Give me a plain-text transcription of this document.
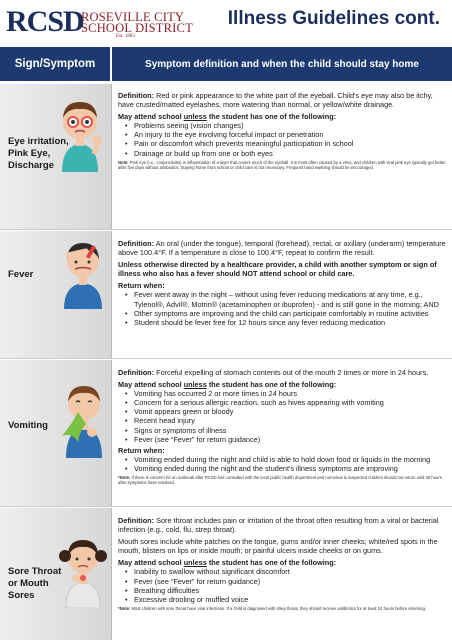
RCSD
ROSEVILLE CITY
SCHOOL DISTRICT
Est. 1883
Illness Guidelines cont.
Sign/Symptom	Symptom definition and when the child should stay home
Eye irritation, Pink Eye, Discharge

Definition: Red or pink appearance to the white part of the eyeball. Child's eye may also be itchy, have crusted/matted eyelashes, more watering than normal, or yellow/white drainage.

May attend school unless the student has one of the following:

• Problems seeing (vision changes)
• An injury to the eye involving forceful impact or penetration
• Pain or discomfort which prevents meaningful participation in school
• Drainage or build up from one or both eyes

Note: Pink eye (i.e., conjunctivitis) is inflammation of a layer that covers much of the eyeball. It is most often caused by a virus, and children with viral pink eye typically get better after five days without antibiotics. Staying home from school or child care is not necessary. Frequent hand washing should be encouraged.

Fever

Definition: An oral (under the tongue), temporal (forehead), rectal, or axillary (underarm) temperature above 100.4°F. If a temperature is close to 100.4°F, repeat to confirm the result.

Unless otherwise directed by a healthcare provider, a child with another symptom or sign of illness who also has a fever should NOT attend school or child care.

Return when:

• Fever went away in the night – without using fever reducing medications at any time, e.g., Tylenol®, Advil®, Motrin® (acetaminophen or ibuprofen) - and is still gone in the morning; AND
• Other symptoms are improving and the child can participate comfortably in routine activities
• Student should be fever free for 12 hours since any fever reducing medication
Vomiting

Definition: Forceful expelling of stomach contents out of the mouth 2 times or more in 24 hours.

May attend school unless the student has one of the following:

• Vomiting has occurred 2 or more times in 24 hours
• Concern for a serious allergic reaction, such as hives appearing with vomiting
• Vomit appears green or bloody
• Recent head injury
• Signs or symptoms of illness
• Fever (see “Fever” for return guidance)

Return when:

• Vomiting ended during the night and child is able to hold down food or liquids in the morning
• Vomiting ended during the night and the student's illness symptoms are improving

*Note: If there is concern for an outbreak after RCSD has consulted with the local public health department and norovirus is suspected children should not return until 48 hours after symptoms have resolved.

Sore Throat or Mouth Sores

Definition: Sore throat includes pain or irritation of the throat often resulting from a viral or bacterial infection (e.g., cold, flu, strep throat).

Mouth sores include white patches on the tongue, gums and/or inner cheeks; white/red spots in the mouth, blisters on lips or inside mouth; or painful ulcers inside cheeks or on gums.

May attend school unless the student has one of the following:

• Inability to swallow without significant discomfort
• Fever (see “Fever” for return guidance)
• Breathing difficulties
• Excessive drooling or muffled voice

*Note: Most children with sore throat have viral infections. If a child is diagnosed with strep throat, they should receive antibiotics for at least 24 hours before returning.
